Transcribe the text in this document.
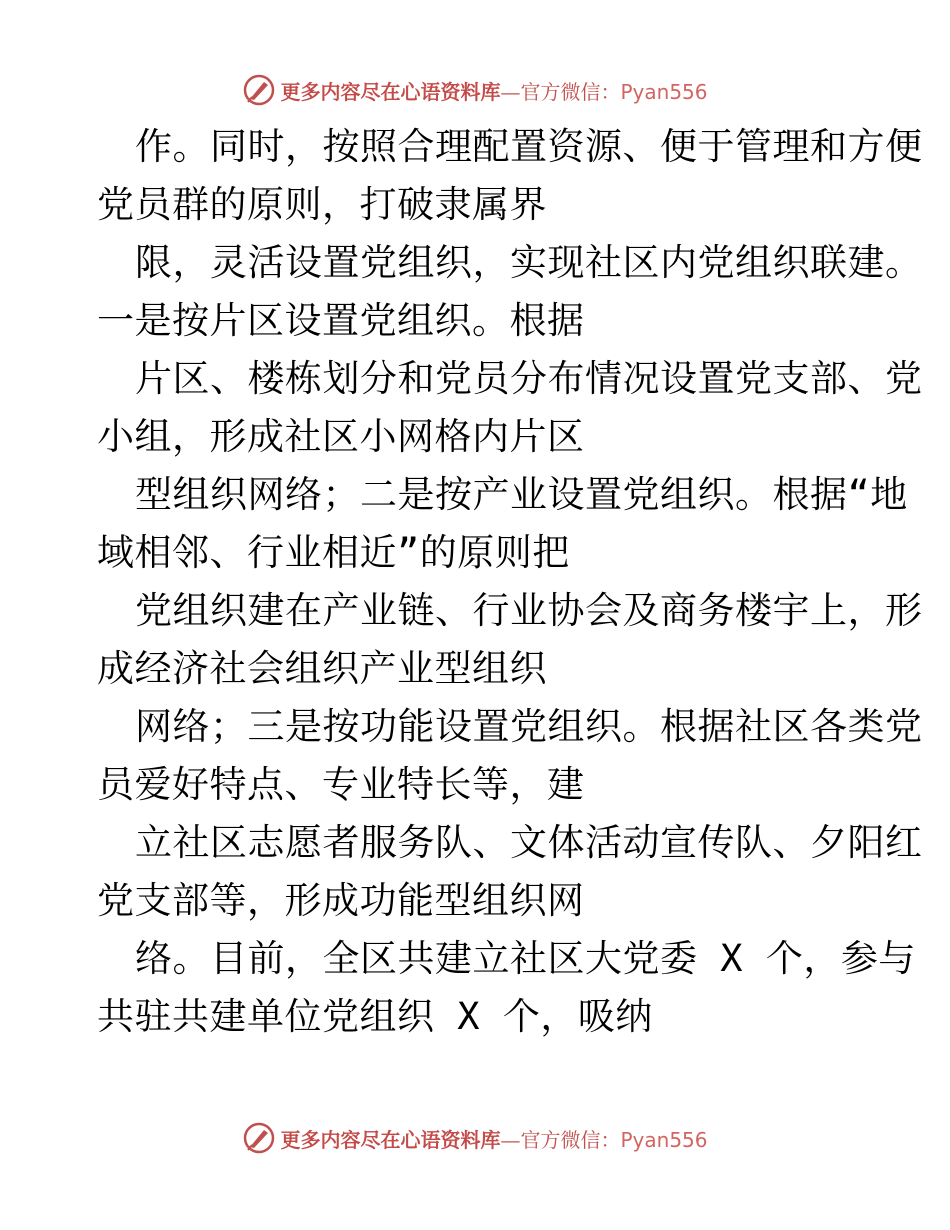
更多内容尽在心语资料库—官方微信：Pyan556
作。同时，按照合理配置资源、便于管理和方便
党员群的原则，打破隶属界
限，灵活设置党组织，实现社区内党组织联建。
一是按片区设置党组织。根据
片区、楼栋划分和党员分布情况设置党支部、党
小组，形成社区小网格内片区
型组织网络；二是按产业设置党组织。根据“地
域相邻、行业相近”的原则把
党组织建在产业链、行业协会及商务楼宇上，形
成经济社会组织产业型组织
网络；三是按功能设置党组织。根据社区各类党
员爱好特点、专业特长等，建
立社区志愿者服务队、文体活动宣传队、夕阳红
党支部等，形成功能型组织网
络。目前，全区共建立社区大党委 X 个，参与
共驻共建单位党组织 X 个，吸纳
更多内容尽在心语资料库—官方微信：Pyan556
